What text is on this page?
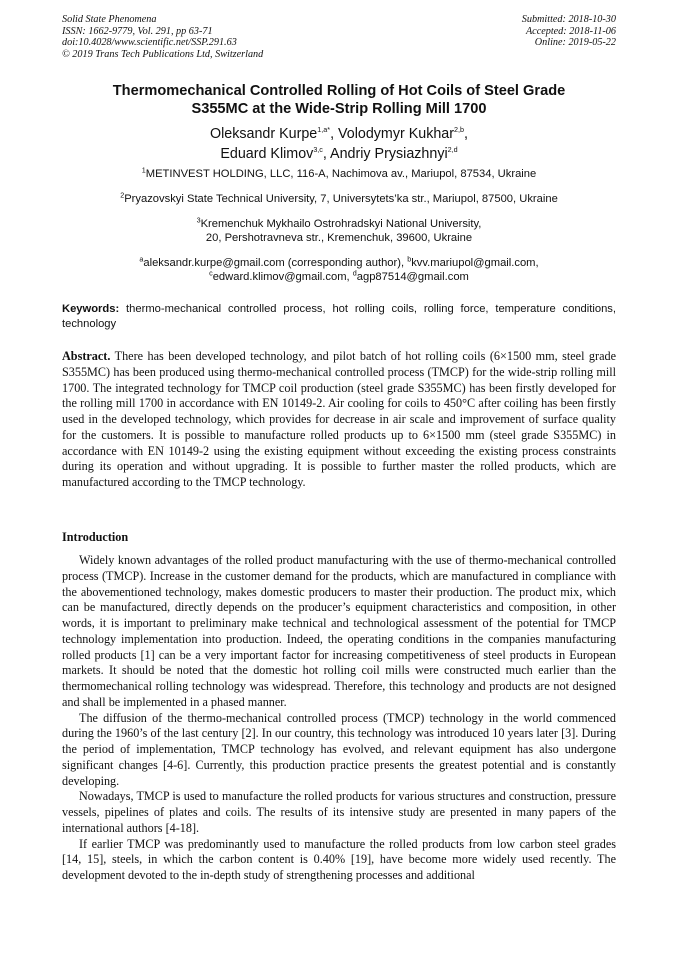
Solid State Phenomena
ISSN: 1662-9779, Vol. 291, pp 63-71
doi:10.4028/www.scientific.net/SSP.291.63
© 2019 Trans Tech Publications Ltd, Switzerland
Submitted: 2018-10-30
Accepted: 2018-11-06
Online: 2019-05-22
Thermomechanical Controlled Rolling of Hot Coils of Steel Grade
S355MC at the Wide-Strip Rolling Mill 1700
Oleksandr Kurpe$^{1,a*}$, Volodymyr Kukhar$^{2,b}$,
Eduard Klimov$^{3,c}$, Andriy Prysiazhnyi$^{2,d}$
$^1$METINVEST HOLDING, LLC, 116-A, Nachimova av., Mariupol, 87534, Ukraine
$^2$Pryazovskyi State Technical University, 7, Universytets’ka str., Mariupol, 87500, Ukraine
$^3$Kremenchuk Mykhailo Ostrohradskyi National University,
20, Pershotravneva str., Kremenchuk, 39600, Ukraine
$^a$aleksandr.kurpe@gmail.com (corresponding author), $^b$kvv.mariupol@gmail.com,
$^c$edward.klimov@gmail.com, $^d$agp87514@gmail.com
Keywords: thermo-mechanical controlled process, hot rolling coils, rolling force, temperature conditions, technology
Abstract. There has been developed technology, and pilot batch of hot rolling coils (6×1500 mm, steel grade S355MC) has been produced using thermo-mechanical controlled process (TMCP) for the wide-strip rolling mill 1700. The integrated technology for TMCP coil production (steel grade S355MC) has been firstly developed for the rolling mill 1700 in accordance with EN 10149-2. Air cooling for coils to 450°C after coiling has been firstly used in the developed technology, which provides for decrease in air scale and improvement of surface quality for the customers. It is possible to manufacture rolled products up to 6×1500 mm (steel grade S355MC) in accordance with EN 10149-2 using the existing equipment without exceeding the existing process constraints during its operation and without upgrading. It is possible to further master the rolled products, which are manufactured according to the TMCP technology.
Introduction

Widely known advantages of the rolled product manufacturing with the use of thermo-mechanical controlled process (TMCP). Increase in the customer demand for the products, which are manufactured in compliance with the abovementioned technology, makes domestic producers to master their production. The product mix, which can be manufactured, directly depends on the producer’s equipment characteristics and composition, in other words, it is important to preliminary make technical and technological assessment of the potential for TMCP technology implementation into production. Indeed, the operating conditions in the companies manufacturing rolled products [1] can be a very important factor for increasing competitiveness of steel products in European markets. It should be noted that the domestic hot rolling coil mills were constructed much earlier than the thermomechanical rolling technology was widespread. Therefore, this technology and products are not designed and shall be implemented in a phased manner.

The diffusion of the thermo-mechanical controlled process (TMCP) technology in the world commenced during the 1960’s of the last century [2]. In our country, this technology was introduced 10 years later [3]. During the period of implementation, TMCP technology has evolved, and relevant equipment has also undergone significant changes [4-6]. Currently, this production practice presents the greatest potential and is constantly developing.

Nowadays, TMCP is used to manufacture the rolled products for various structures and construction, pressure vessels, pipelines of plates and coils. The results of its intensive study are presented in many papers of the international authors [4-18].

If earlier TMCP was predominantly used to manufacture the rolled products from low carbon steel grades [14, 15], steels, in which the carbon content is 0.40% [19], have become more widely used recently. The development devoted to the in-depth study of strengthening processes and additional
